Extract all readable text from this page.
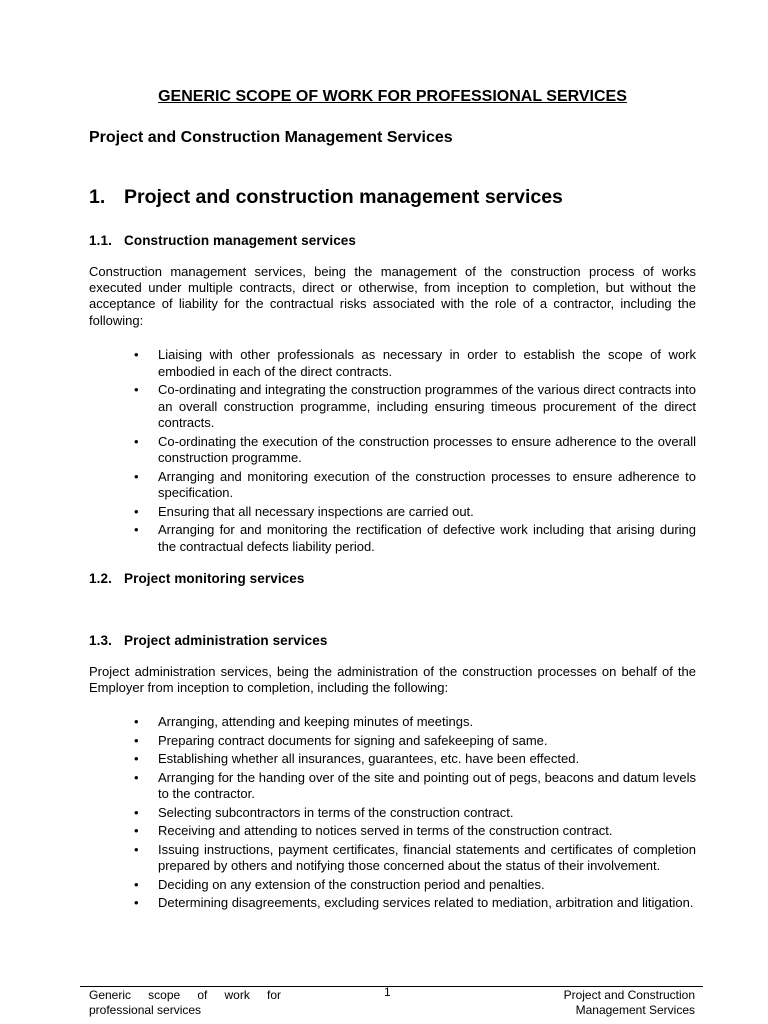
GENERIC SCOPE OF WORK FOR PROFESSIONAL SERVICES

Project and Construction Management Services

1. Project and construction management services

1.1. Construction management services

Construction management services, being the management of the construction process of works executed under multiple contracts, direct or otherwise, from inception to completion, but without the acceptance of liability for the contractual risks associated with the role of a contractor, including the following:

• Liaising with other professionals as necessary in order to establish the scope of work embodied in each of the direct contracts.
• Co-ordinating and integrating the construction programmes of the various direct contracts into an overall construction programme, including ensuring timeous procurement of the direct contracts.
• Co-ordinating the execution of the construction processes to ensure adherence to the overall construction programme.
• Arranging and monitoring execution of the construction processes to ensure adherence to specification.
• Ensuring that all necessary inspections are carried out.
• Arranging for and monitoring the rectification of defective work including that arising during the contractual defects liability period.

1.2. Project monitoring services

1.3. Project administration services

Project administration services, being the administration of the construction processes on behalf of the Employer from inception to completion, including the following:

• Arranging, attending and keeping minutes of meetings.
• Preparing contract documents for signing and safekeeping of same.
• Establishing whether all insurances, guarantees, etc. have been effected.
• Arranging for the handing over of the site and pointing out of pegs, beacons and datum levels to the contractor.
• Selecting subcontractors in terms of the construction contract.
• Receiving and attending to notices served in terms of the construction contract.
• Issuing instructions, payment certificates, financial statements and certificates of completion prepared by others and notifying those concerned about the status of their involvement.
• Deciding on any extension of the construction period and penalties.
• Determining disagreements, excluding services related to mediation, arbitration and litigation.

Generic scope of work for
professional services

1	Project and Construction
Management Services
